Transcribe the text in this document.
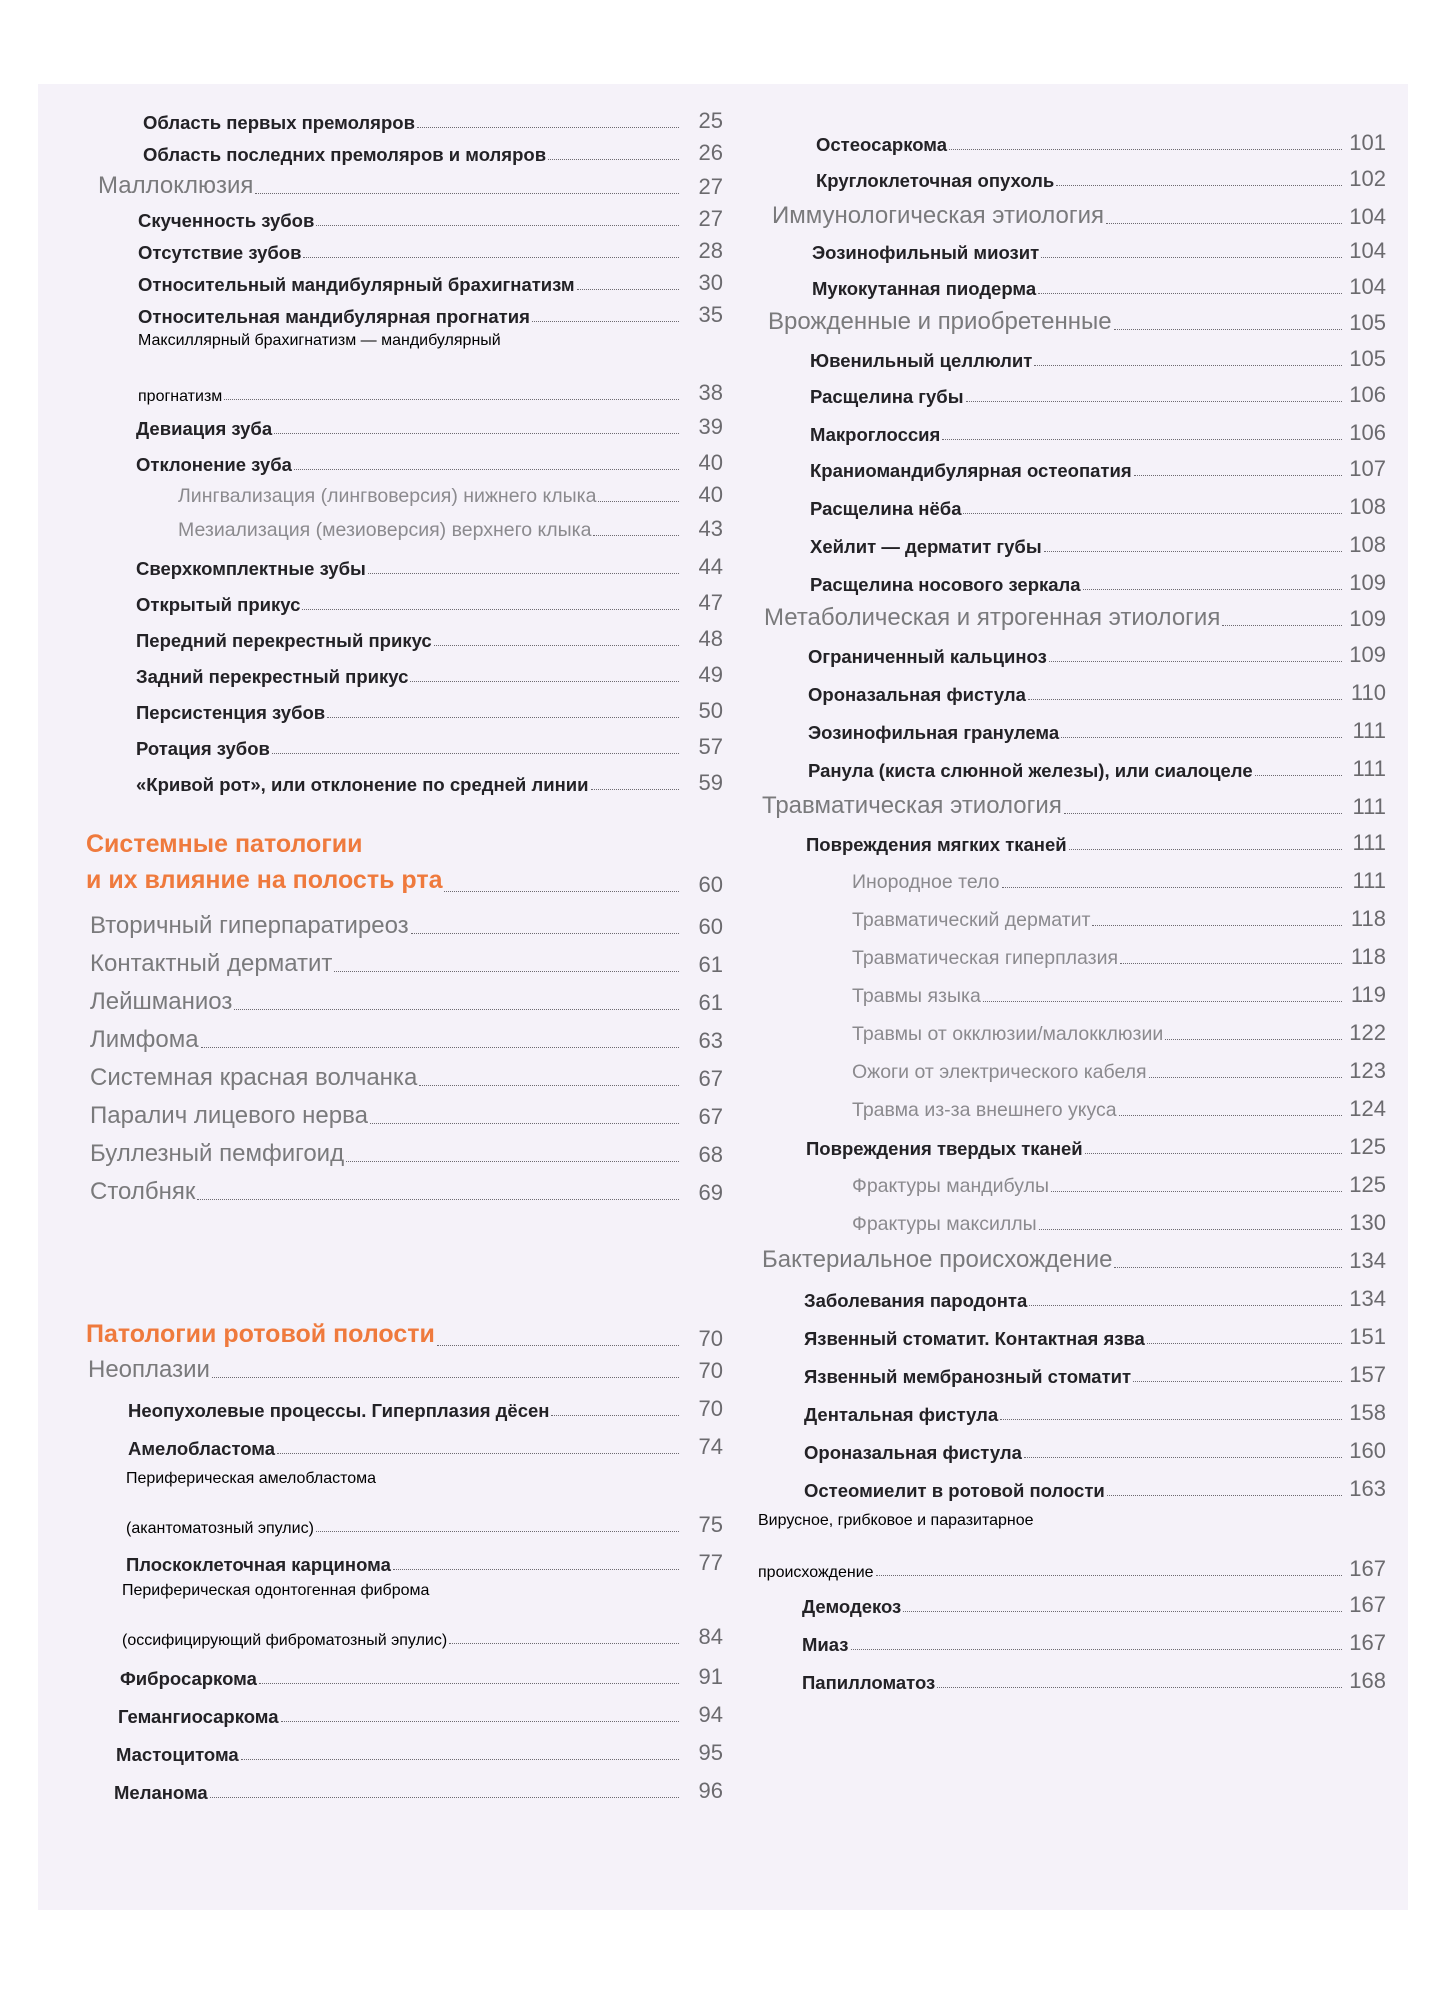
Область первых премоляров	25
Область последних премоляров и моляров	26
Маллоклюзия	27
Скученность зубов	27
Отсутствие зубов	28
Относительный мандибулярный брахигнатизм	30
Относительная мандибулярная прогнатия	35
Максиллярный брахигнатизм — мандибулярный
прогнатизм	38
Девиация зуба	39
Отклонение зуба	40
Лингвализация (лингвоверсия) нижнего клыка	40
Мезиализация (мезиоверсия) верхнего клыка	43
Сверхкомплектные зубы	44
Открытый прикус	47
Передний перекрестный прикус	48
Задний перекрестный прикус	49
Персистенция зубов	50
Ротация зубов	57
«Кривой рот», или отклонение по средней линии	59
Системные патологии
и их влияние на полость рта	60
Вторичный гиперпаратиреоз	60
Контактный дерматит	61
Лейшманиоз	61
Лимфома	63
Системная красная волчанка	67
Паралич лицевого нерва	67
Буллезный пемфигоид	68
Столбняк	69
Патологии ротовой полости	70
Неоплазии	70
Неопухолевые процессы. Гиперплазия дёсен	70
Амелобластома	74
Периферическая амелобластома
(акантоматозный эпулис)	75
Плоскоклеточная карцинома	77
Периферическая одонтогенная фиброма
(оссифицирующий фиброматозный эпулис)	84
Фибросаркома	91
Гемангиосаркома	94
Мастоцитома	95
Меланома	96
Остеосаркома	101
Круглоклеточная опухоль	102
Иммунологическая этиология	104
Эозинофильный миозит	104
Мукокутанная пиодерма	104
Врожденные и приобретенные	105
Ювенильный целлюлит	105
Расщелина губы	106
Макроглоссия	106
Краниомандибулярная остеопатия	107
Расщелина нёба	108
Хейлит — дерматит губы	108
Расщелина носового зеркала	109
Метаболическая и ятрогенная этиология	109
Ограниченный кальциноз	109
Ороназальная фистула	110
Эозинофильная гранулема	111
Ранула (киста слюнной железы), или сиалоцеле	111
Травматическая этиология	111
Повреждения мягких тканей	111
Инородное тело	111
Травматический дерматит	118
Травматическая гиперплазия	118
Травмы языка	119
Травмы от окклюзии/малокклюзии	122
Ожоги от электрического кабеля	123
Травма из-за внешнего укуса	124
Повреждения твердых тканей	125
Фрактуры мандибулы	125
Фрактуры максиллы	130
Бактериальное происхождение	134
Заболевания пародонта	134
Язвенный стоматит. Контактная язва	151
Язвенный мембранозный стоматит	157
Дентальная фистула	158
Ороназальная фистула	160
Остеомиелит в ротовой полости	163
Вирусное, грибковое и паразитарное
происхождение	167
Демодекоз	167
Миаз	167
Папилломатоз	168
